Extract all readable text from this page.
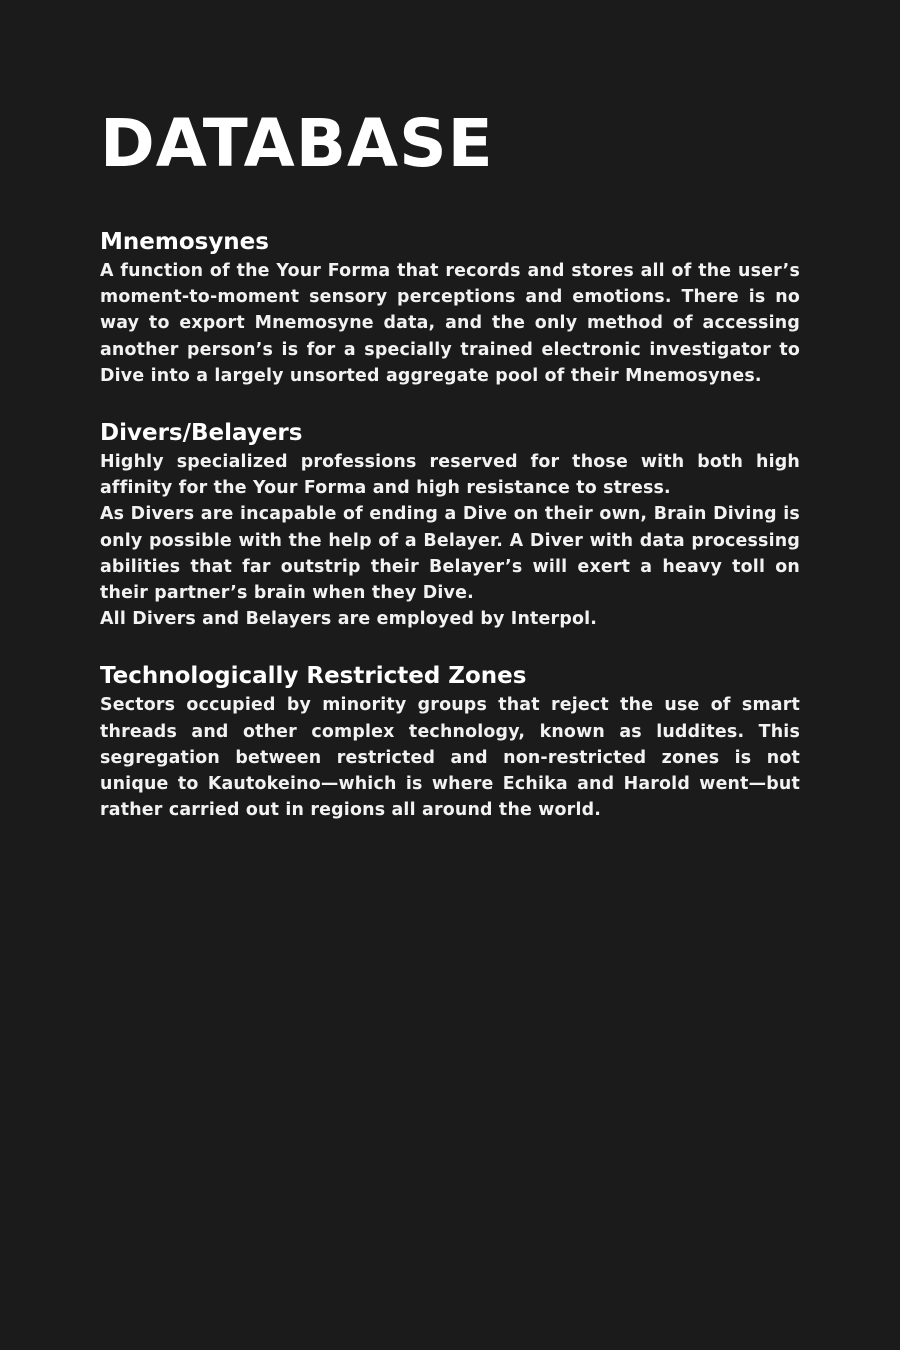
DATABASE
Mnemosynes

A function of the Your Forma that records and stores all of the user’s moment-to-moment sensory perceptions and emotions. There is no way to export Mnemosyne data, and the only method of accessing another person’s is for a specially trained electronic investigator to Dive into a largely unsorted aggregate pool of their Mnemosynes.

Divers/Belayers

Highly specialized professions reserved for those with both high affinity for the Your Forma and high resistance to stress.

As Divers are incapable of ending a Dive on their own, Brain Diving is only possible with the help of a Belayer. A Diver with data processing abilities that far outstrip their Belayer’s will exert a heavy toll on their partner’s brain when they Dive.

All Divers and Belayers are employed by Interpol.

Technologically Restricted Zones

Sectors occupied by minority groups that reject the use of smart threads and other complex technology, known as luddites. This segregation between restricted and non-restricted zones is not unique to Kautokeino—which is where Echika and Harold went—but rather carried out in regions all around the world.
